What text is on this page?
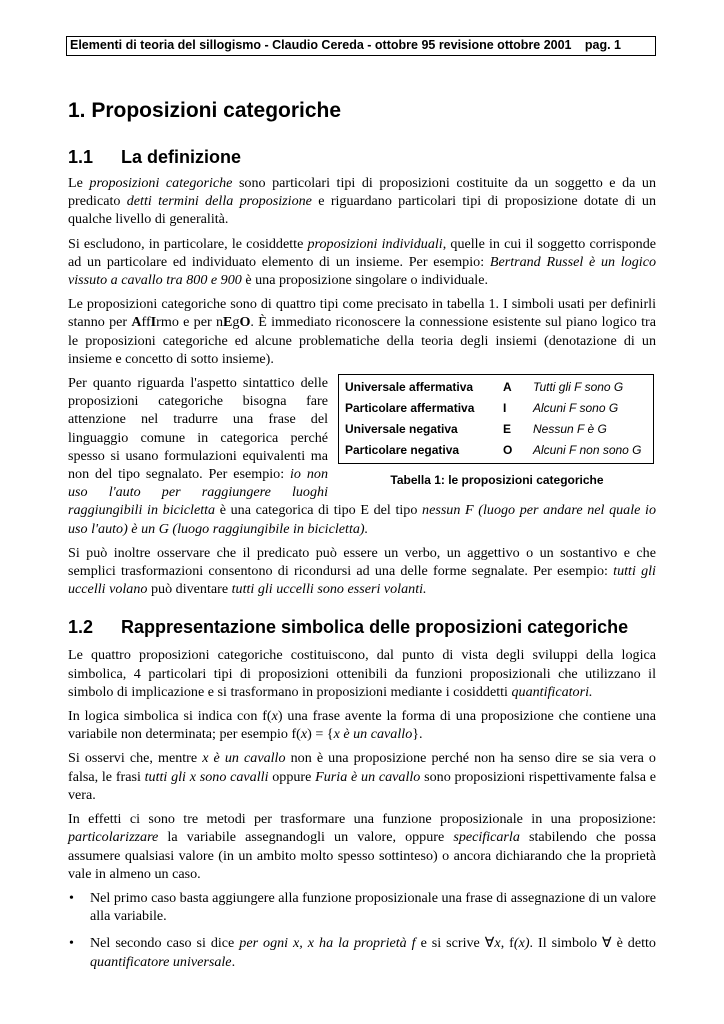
Elementi di teoria del sillogismo - Claudio Cereda - ottobre 95 revisione ottobre 2001 pag. 1
1. Proposizioni categoriche
1.1	La definizione

Le proposizioni categoriche sono particolari tipi di proposizioni costituite da un soggetto e da un predicato detti termini della proposizione e riguardano particolari tipi di proposizione dotate di un qualche livello di generalità.

Si escludono, in particolare, le cosiddette proposizioni individuali, quelle in cui il soggetto corrisponde ad un particolare ed individuato elemento di un insieme. Per esempio: Bertrand Russel è un logico vissuto a cavallo tra 800 e 900 è una proposizione singolare o individuale.

Le proposizioni categoriche sono di quattro tipi come precisato in tabella 1. I simboli usati per definirli stanno per AffIrmo e per nEgO. È immediato riconoscere la connessione esistente sul piano logico tra le proposizioni categoriche ed alcune problematiche della teoria degli insiemi (denotazione di un insieme e concetto di sotto insieme).

Universale affermativa	A	Tutti gli F sono G
Particolare affermativa	I	Alcuni F sono G
Universale negativa	E	Nessun F è G
Particolare negativa	O	Alcuni F non sono G
Tabella 1: le proposizioni categoriche

Per quanto riguarda l'aspetto sintattico delle proposizioni categoriche bisogna fare attenzione nel tradurre una frase del linguaggio comune in categorica perché spesso si usano formulazioni equivalenti ma non del tipo segnalato. Per esempio: io non uso l'auto per raggiungere luoghi raggiungibili in bicicletta è una categorica di tipo E del tipo nessun F (luogo per andare nel quale io uso l'auto) è un G (luogo raggiungibile in bicicletta).

Si può inoltre osservare che il predicato può essere un verbo, un aggettivo o un sostantivo e che semplici trasformazioni consentono di ricondursi ad una delle forme segnalate. Per esempio: tutti gli uccelli volano può diventare tutti gli uccelli sono esseri volanti.

1.2	Rappresentazione simbolica delle proposizioni categoriche

Le quattro proposizioni categoriche costituiscono, dal punto di vista degli sviluppi della logica simbolica, 4 particolari tipi di proposizioni ottenibili da funzioni proposizionali che utilizzano il simbolo di implicazione e si trasformano in proposizioni mediante i cosiddetti quantificatori.

In logica simbolica si indica con f(x) una frase avente la forma di una proposizione che contiene una variabile non determinata; per esempio f(x) = {x è un cavallo}.

Si osservi che, mentre x è un cavallo non è una proposizione perché non ha senso dire se sia vera o falsa, le frasi tutti gli x sono cavalli oppure Furia è un cavallo sono proposizioni rispettivamente falsa e vera.

In effetti ci sono tre metodi per trasformare una funzione proposizionale in una proposizione: particolarizzare la variabile assegnandogli un valore, oppure specificarla stabilendo che possa assumere qualsiasi valore (in un ambito molto spesso sottinteso) o ancora dichiarando che la proprietà vale in almeno un caso.

• Nel primo caso basta aggiungere alla funzione proposizionale una frase di assegnazione di un valore alla variabile.
• Nel secondo caso si dice per ogni x, x ha la proprietà f e si scrive ∀x, f(x). Il simbolo ∀ è detto quantificatore universale.
